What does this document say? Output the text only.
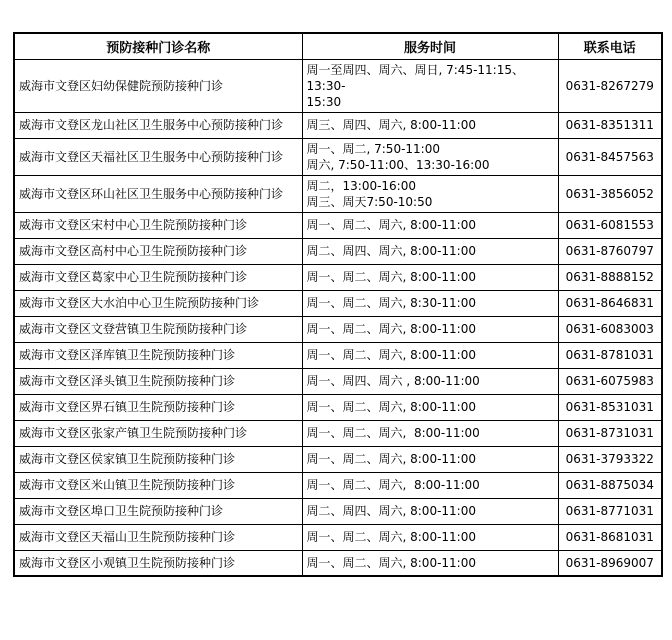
预防接种门诊名称	服务时间	联系电话
威海市文登区妇幼保健院预防接种门诊	周一至周四、周六、周日, 7:45-11:15、13:30-
15:30	0631-8267279
威海市文登区龙山社区卫生服务中心预防接种门诊	周三、周四、周六, 8:00-11:00	0631-8351311
威海市文登区天福社区卫生服务中心预防接种门诊	周一、周二, 7:50-11:00
周六, 7:50-11:00、13:30-16:00	0631-8457563
威海市文登区环山社区卫生服务中心预防接种门诊	周二，13:00-16:00
周三、周天7:50-10:50	0631-3856052
威海市文登区宋村中心卫生院预防接种门诊	周一、周二、周六, 8:00-11:00	0631-6081553
威海市文登区高村中心卫生院预防接种门诊	周二、周四、周六, 8:00-11:00	0631-8760797
威海市文登区葛家中心卫生院预防接种门诊	周一、周二、周六, 8:00-11:00	0631-8888152
威海市文登区大水泊中心卫生院预防接种门诊	周一、周二、周六, 8:30-11:00	0631-8646831
威海市文登区文登营镇卫生院预防接种门诊	周一、周二、周六, 8:00-11:00	0631-6083003
威海市文登区泽库镇卫生院预防接种门诊	周一、周二、周六, 8:00-11:00	0631-8781031
威海市文登区泽头镇卫生院预防接种门诊	周一、周四、周六 , 8:00-11:00	0631-6075983
威海市文登区界石镇卫生院预防接种门诊	周一、周二、周六, 8:00-11:00	0631-8531031
威海市文登区张家产镇卫生院预防接种门诊	周一、周二、周六,  8:00-11:00	0631-8731031
威海市文登区侯家镇卫生院预防接种门诊	周一、周二、周六, 8:00-11:00	0631-3793322
威海市文登区米山镇卫生院预防接种门诊	周一、周二、周六,  8:00-11:00	0631-8875034
威海市文登区埠口卫生院预防接种门诊	周二、周四、周六, 8:00-11:00	0631-8771031
威海市文登区天福山卫生院预防接种门诊	周一、周二、周六, 8:00-11:00	0631-8681031
威海市文登区小观镇卫生院预防接种门诊	周一、周二、周六, 8:00-11:00	0631-8969007
